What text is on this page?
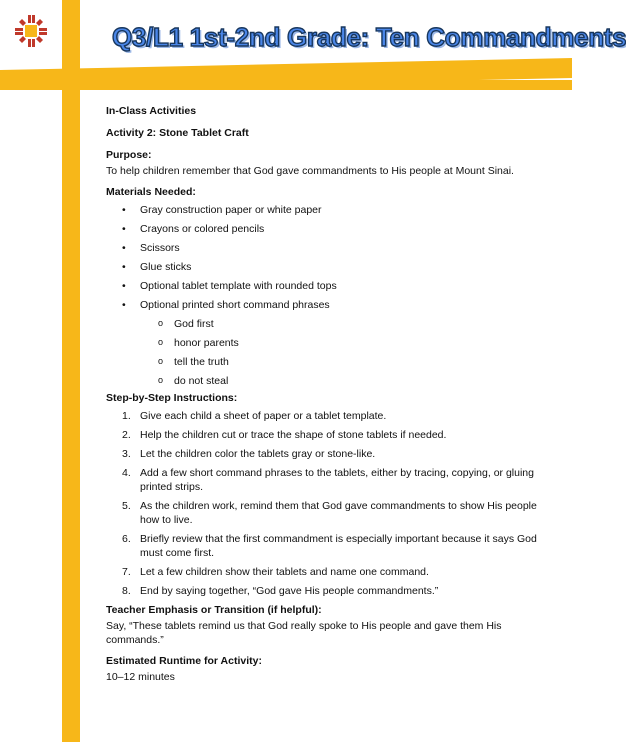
Q3/L1 1st-2nd Grade: Ten Commandments

In-Class Activities

Activity 2: Stone Tablet Craft

Purpose:

To help children remember that God gave commandments to His people at Mount Sinai.

Materials Needed:

• Gray construction paper or white paper
• Crayons or colored pencils
• Scissors
• Glue sticks
• Optional tablet template with rounded tops
• Optional printed short command phrases
o God first
o honor parents
o tell the truth
o do not steal

Step-by-Step Instructions:

1. Give each child a sheet of paper or a tablet template.
2. Help the children cut or trace the shape of stone tablets if needed.
3. Let the children color the tablets gray or stone-like.
4. Add a few short command phrases to the tablets, either by tracing, copying, or gluing printed strips.
5. As the children work, remind them that God gave commandments to show His people how to live.
6. Briefly review that the first commandment is especially important because it says God must come first.
7. Let a few children show their tablets and name one command.
8. End by saying together, “God gave His people commandments.”

Teacher Emphasis or Transition (if helpful):

Say, “These tablets remind us that God really spoke to His people and gave them His commands.”

Estimated Runtime for Activity:

10–12 minutes
